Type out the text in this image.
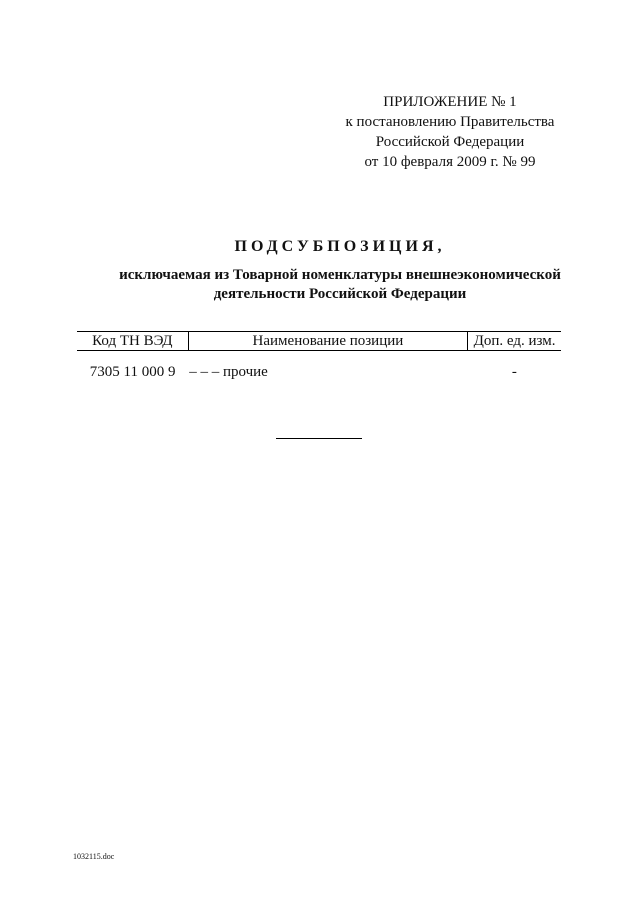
ПРИЛОЖЕНИЕ № 1
к постановлению Правительства
Российской Федерации
от 10 февраля 2009 г. № 99
ПОДСУБПОЗИЦИЯ,
исключаемая из Товарной номенклатуры внешнеэкономической
деятельности Российской Федерации
Код ТН ВЭД	Наименование позиции	Доп. ед. изм.
7305 11 000 9	– – – прочие	-
1032115.doc
